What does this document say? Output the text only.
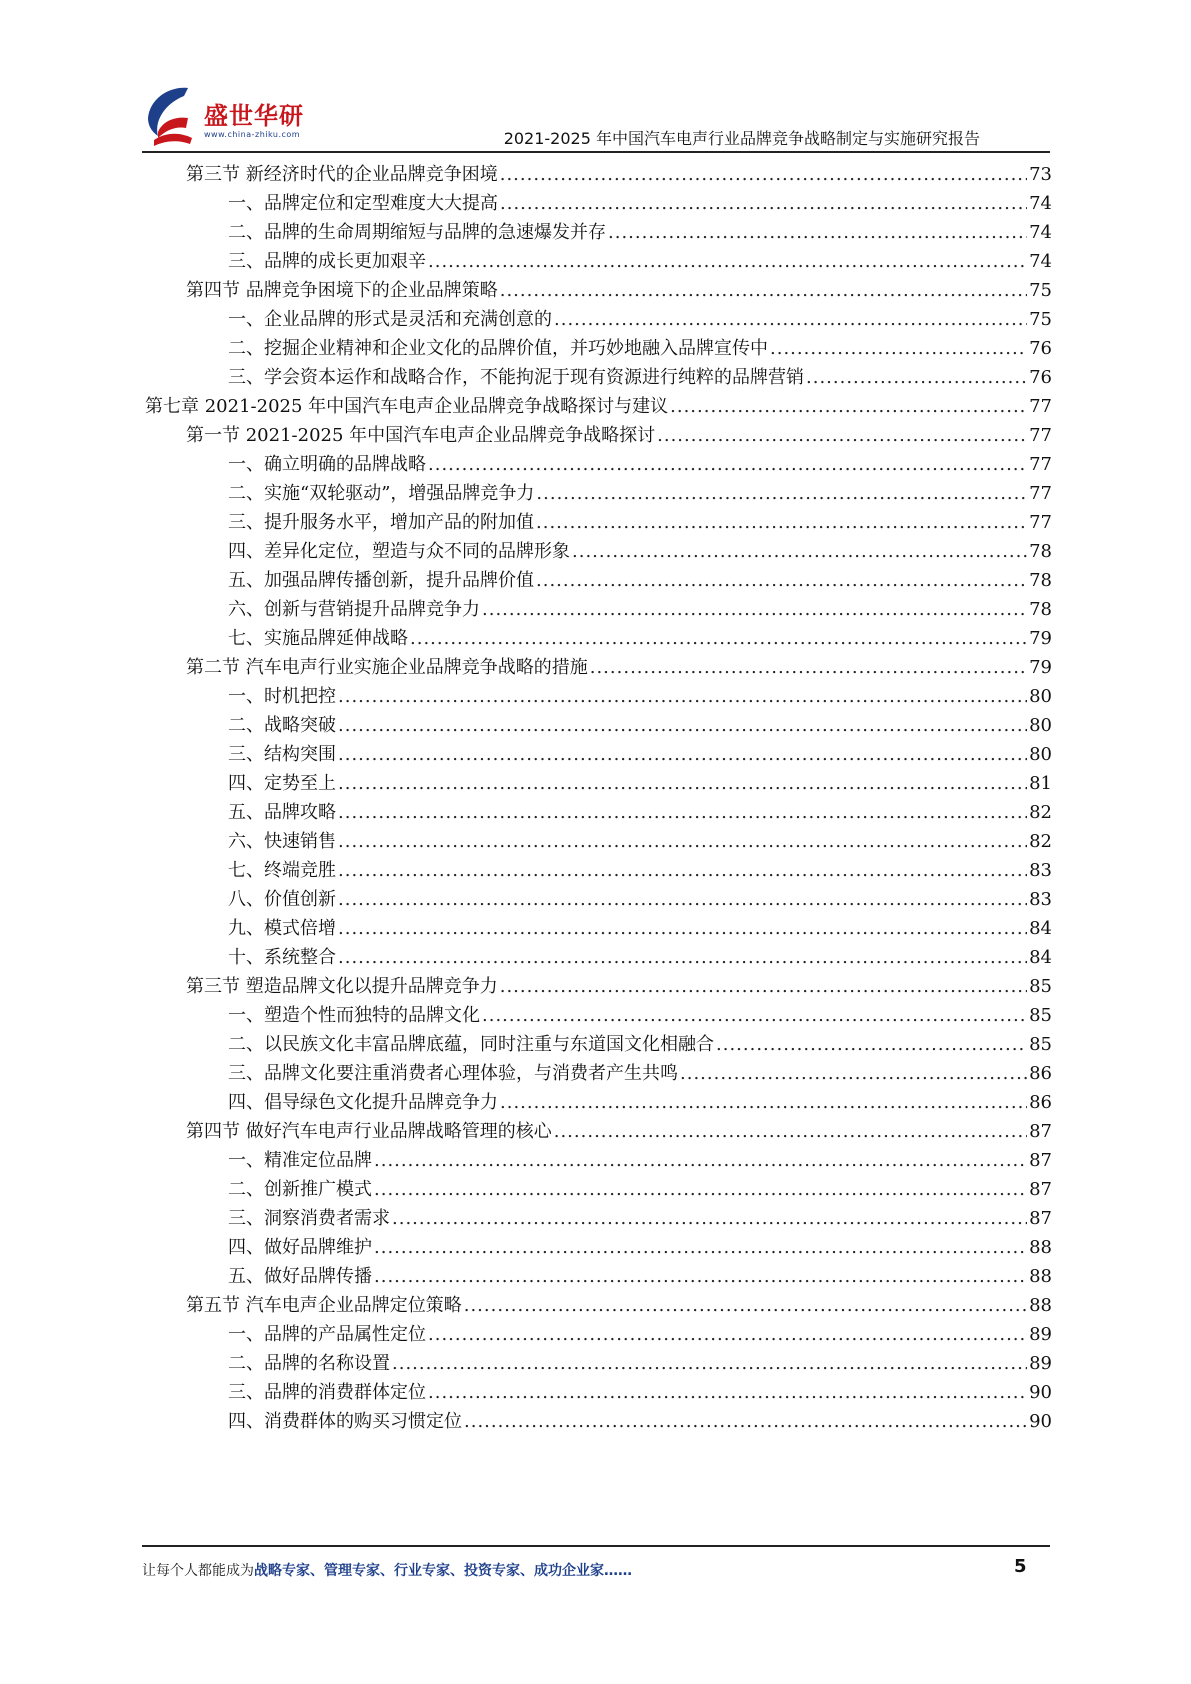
盛世华研
www.china-zhiku.com	2021-2025 年中国汽车电声行业品牌竞争战略制定与实施研究报告
第三节 新经济时代的企业品牌竞争困境 .....	73
一、品牌定位和定型难度大大提高 .....	74
二、品牌的生命周期缩短与品牌的急速爆发并存 .....	74
三、品牌的成长更加艰辛 .....	74
第四节 品牌竞争困境下的企业品牌策略 .....	75
一、企业品牌的形式是灵活和充满创意的 .....	75
二、挖掘企业精神和企业文化的品牌价值，并巧妙地融入品牌宣传中 .....	76
三、学会资本运作和战略合作，不能拘泥于现有资源进行纯粹的品牌营销 .....	76
第七章 2021-2025 年中国汽车电声企业品牌竞争战略探讨与建议 .....	77
第一节 2021-2025 年中国汽车电声企业品牌竞争战略探讨 .....	77
一、确立明确的品牌战略 .....	77
二、实施“双轮驱动”，增强品牌竞争力 .....	77
三、提升服务水平，增加产品的附加值 .....	77
四、差异化定位，塑造与众不同的品牌形象 .....	78
五、加强品牌传播创新，提升品牌价值 .....	78
六、创新与营销提升品牌竞争力 .....	78
七、实施品牌延伸战略 .....	79
第二节 汽车电声行业实施企业品牌竞争战略的措施 .....	79
一、时机把控 .....	80
二、战略突破 .....	80
三、结构突围 .....	80
四、定势至上 .....	81
五、品牌攻略 .....	82
六、快速销售 .....	82
七、终端竞胜 .....	83
八、价值创新 .....	83
九、模式倍增 .....	84
十、系统整合 .....	84
第三节 塑造品牌文化以提升品牌竞争力 .....	85
一、塑造个性而独特的品牌文化 .....	85
二、以民族文化丰富品牌底蕴，同时注重与东道国文化相融合 .....	85
三、品牌文化要注重消费者心理体验，与消费者产生共鸣 .....	86
四、倡导绿色文化提升品牌竞争力 .....	86
第四节 做好汽车电声行业品牌战略管理的核心 .....	87
一、精准定位品牌 .....	87
二、创新推广模式 .....	87
三、洞察消费者需求 .....	87
四、做好品牌维护 .....	88
五、做好品牌传播 .....	88
第五节 汽车电声企业品牌定位策略 .....	88
一、品牌的产品属性定位 .....	89
二、品牌的名称设置 .....	89
三、品牌的消费群体定位 .....	90
四、消费群体的购买习惯定位 .....	90
让每个人都能成为战略专家、管理专家、行业专家、投资专家、成功企业家……	5
